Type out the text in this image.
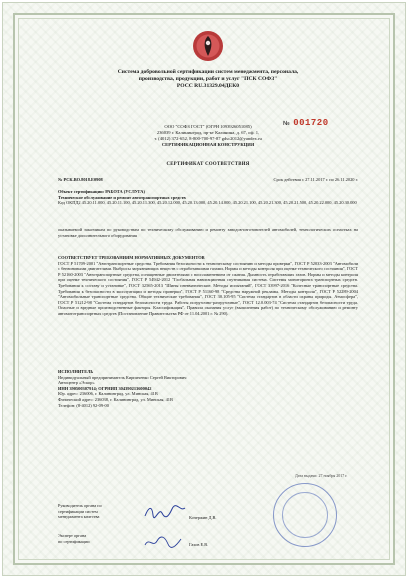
Система добровольной сертификации систем менеджмента, персонала,
производства, продукции, работ и услуг "ПСК СОФЗ"
РОСС RU.31329.04ДЕК0
№ 001720
ООО "СОФЗ ГОСТ" (ОГРН 1093926051085)
236039 г. Калининград, пр-кт Калинина, д. 67, оф. 1,
т. (4012) 372-652, 8-800-700-97-87 gdsc2012@yandex.ru
СЕРТИФИКАЦИОННАЯ КОНСТРУКЦИЯ
СЕРТИФИКАТ СООТВЕТСТВИЯ
№ РСК.ВО.8018.Е0908	Срок действия с 27.11.2017 г. по 26.11.2020 г.
Объект сертификации: РАБОТА (УСЛУГА)
Техническое обслуживание и ремонт автотранспортных средств
Код ОКПД2 45.20.11.000, 45.20.11.100, 45.20.11.300, 45.20.12.000, 45.20.13.000, 45.20.14.000, 45.20.21.100, 45.20.21.300, 45.20.21.500, 45.20.22.000, 45.20.30.000
оказываемой заказчикам по руководствам по техническому обслуживанию и ремонту заводов-изготовителей автомобилей, технологических оснастках на установке дополнительного оборудования
СООТВЕТСТВУЕТ ТРЕБОВАНИЯМ НОРМАТИВНЫХ ДОКУМЕНТОВ
ГОСТ Р 51709-2001 "Автотранспортные средства. Требования безопасности к техническому состоянию и методы проверки", ГОСТ Р 52033-2003 "Автомобили с бензиновыми двигателями. Выбросы загрязняющих веществ с отработавшими газами. Нормы и методы контроля при оценке технического состояния", ГОСТ Р 52160-2003 "Автотранспортные средства, оснащенные двигателями с воспламенением от сжатия. Дымность отработавших газов. Нормы и методы контроля при оценке технического состояния", ГОСТ Р 54942-2012 "Глобальная навигационная спутниковая система. Системы мониторинга транспортных средств. Требования к составу и установке", ГОСТ 32565-2013 "Шины пневматические. Методы испытаний", ГОСТ 33997-2016 "Колесные транспортные средства. Требования к безопасности в эксплуатации и методы проверки", ГОСТ Р 51160-98 "Средства наружной рекламы. Методы контроля", ГОСТ Р 52289-2004 "Автомобильные транспортные средства. Общие технические требования", ГОСТ 30.105-95 "Система стандартов в области охраны природы. Атмосфера", ГОСТ Р 51212-98 "Система стандартов безопасности труда. Работы погрузочно-разгрузочные", ГОСТ 12.0.003-74 "Система стандартов безопасности труда. Опасные и вредные производственные факторы. Классификация". Правила оказания услуг (выполнения работ) по техническому обслуживанию и ремонту автомототранспортных средств (Постановление Правительства РФ от 11.04.2001 г. № 290).
ИСПОЛНИТЕЛЬ
Индивидуальный предприниматель Кирпиченко Сергей Викторович
Автоцентр «Эскор»
ИНН 390500307914; ОГРНИП 304390213600042
Юр. адрес: 236006, г. Калининград, ул. Минская, 41В
Физический адрес: 236038, г. Калининград, ул. Минская, 41В
Телефон: (8-4012) 92-09-00
Дата выдачи: 27 ноября 2017 г.
Руководитель органа по
сертификации систем
менеджмента качества	Кочержин Д.В.
Эксперт органа
по сертификации
Гахов Е.В.
